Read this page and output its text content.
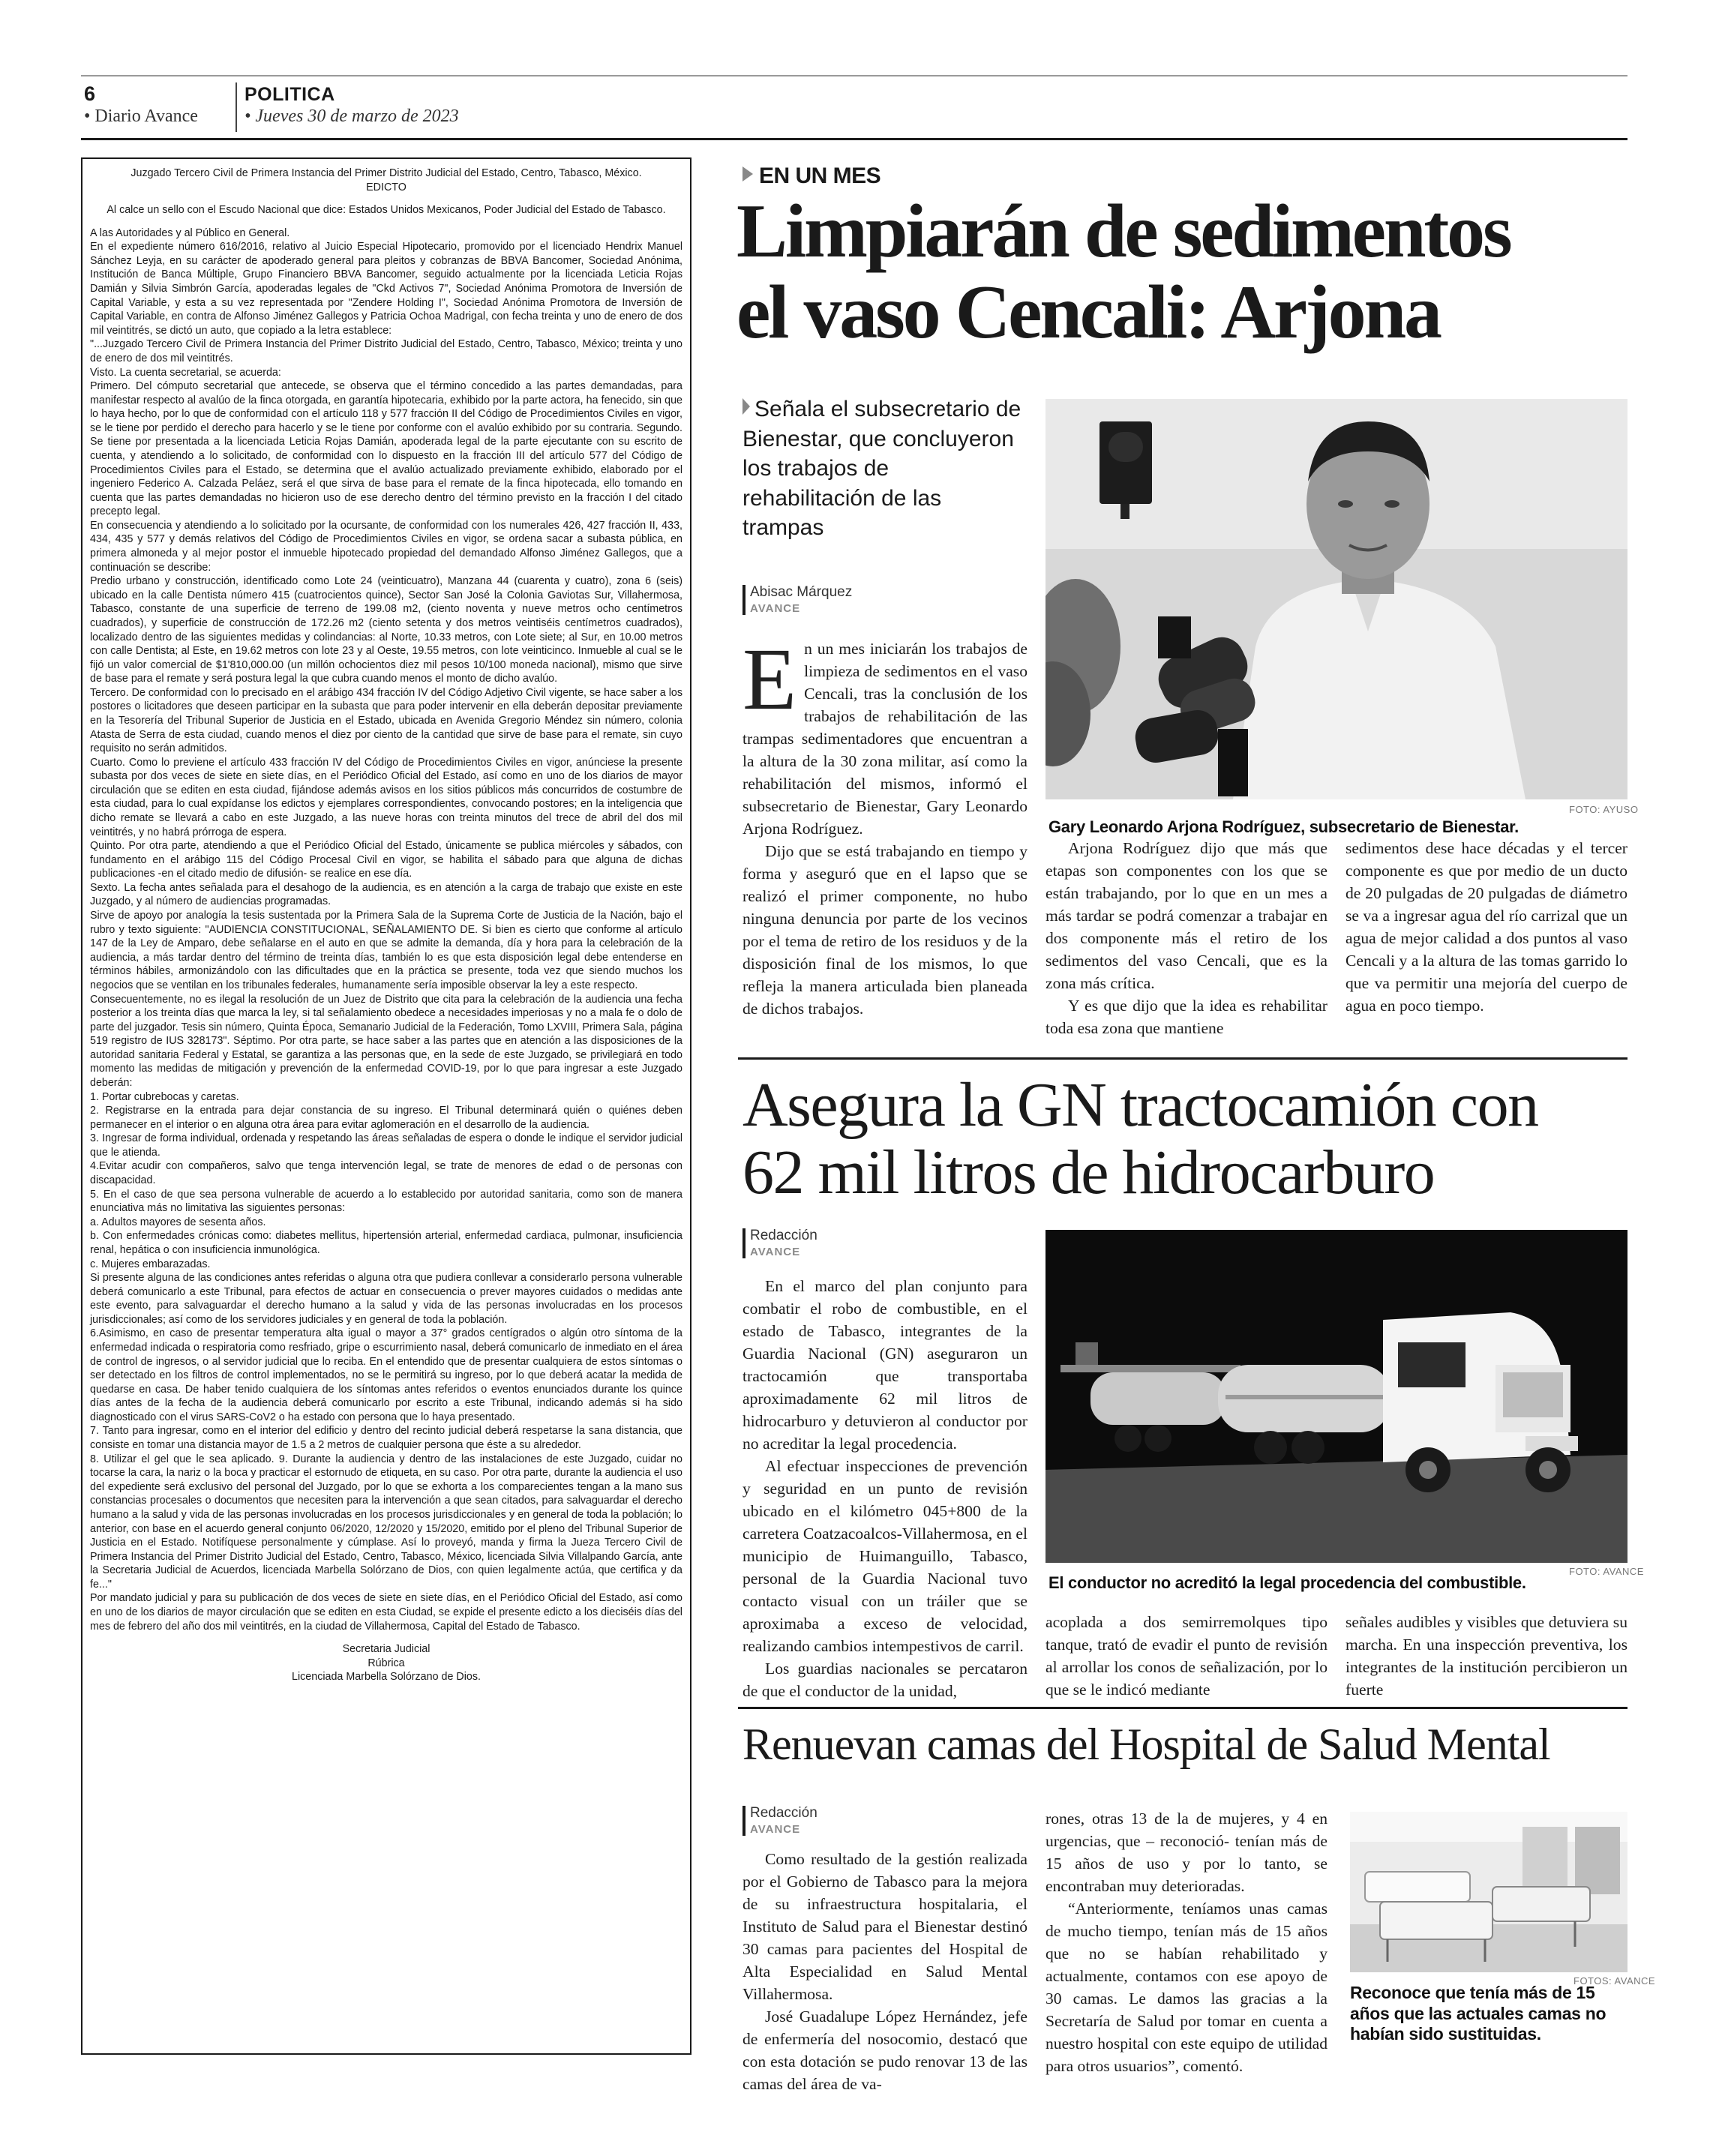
6
• Diario Avance
POLITICA
• Jueves 30 de marzo de 2023

Juzgado Tercero Civil de Primera Instancia del Primer Distrito Judicial del Estado, Centro, Tabasco, México.

EDICTO

Al calce un sello con el Escudo Nacional que dice: Estados Unidos Mexicanos, Poder Judicial del Estado de Tabasco.

A las Autoridades y al Público en General.

En el expediente número 616/2016, relativo al Juicio Especial Hipotecario, promovido por el licenciado Hendrix Manuel Sánchez Leyja, en su carácter de apoderado general para pleitos y cobranzas de BBVA Bancomer, Sociedad Anónima, Institución de Banca Múltiple, Grupo Financiero BBVA Bancomer, seguido actualmente por la licenciada Leticia Rojas Damián y Silvia Simbrón García, apoderadas legales de "Ckd Activos 7", Sociedad Anónima Promotora de Inversión de Capital Variable, y esta a su vez representada por "Zendere Holding I", Sociedad Anónima Promotora de Inversión de Capital Variable, en contra de Alfonso Jiménez Gallegos y Patricia Ochoa Madrigal, con fecha treinta y uno de enero de dos mil veintitrés, se dictó un auto, que copiado a la letra establece:

"...Juzgado Tercero Civil de Primera Instancia del Primer Distrito Judicial del Estado, Centro, Tabasco, México; treinta y uno de enero de dos mil veintitrés.

Visto. La cuenta secretarial, se acuerda:

Primero. Del cómputo secretarial que antecede, se observa que el término concedido a las partes demandadas, para manifestar respecto al avalúo de la finca otorgada, en garantía hipotecaria, exhibido por la parte actora, ha fenecido, sin que lo haya hecho, por lo que de conformidad con el artículo 118 y 577 fracción II del Código de Procedimientos Civiles en vigor, se le tiene por perdido el derecho para hacerlo y se le tiene por conforme con el avalúo exhibido por su contraria. Segundo. Se tiene por presentada a la licenciada Leticia Rojas Damián, apoderada legal de la parte ejecutante con su escrito de cuenta, y atendiendo a lo solicitado, de conformidad con lo dispuesto en la fracción III del artículo 577 del Código de Procedimientos Civiles para el Estado, se determina que el avalúo actualizado previamente exhibido, elaborado por el ingeniero Federico A. Calzada Peláez, será el que sirva de base para el remate de la finca hipotecada, ello tomando en cuenta que las partes demandadas no hicieron uso de ese derecho dentro del término previsto en la fracción I del citado precepto legal.

En consecuencia y atendiendo a lo solicitado por la ocursante, de conformidad con los numerales 426, 427 fracción II, 433, 434, 435 y 577 y demás relativos del Código de Procedimientos Civiles en vigor, se ordena sacar a subasta pública, en primera almoneda y al mejor postor el inmueble hipotecado propiedad del demandado Alfonso Jiménez Gallegos, que a continuación se describe:

Predio urbano y construcción, identificado como Lote 24 (veinticuatro), Manzana 44 (cuarenta y cuatro), zona 6 (seis) ubicado en la calle Dentista número 415 (cuatrocientos quince), Sector San José la Colonia Gaviotas Sur, Villahermosa, Tabasco, constante de una superficie de terreno de 199.08 m2, (ciento noventa y nueve metros ocho centímetros cuadrados), y superficie de construcción de 172.26 m2 (ciento setenta y dos metros veintiséis centímetros cuadrados), localizado dentro de las siguientes medidas y colindancias: al Norte, 10.33 metros, con Lote siete; al Sur, en 10.00 metros con calle Dentista; al Este, en 19.62 metros con lote 23 y al Oeste, 19.55 metros, con lote veinticinco. Inmueble al cual se le fijó un valor comercial de $1'810,000.00 (un millón ochocientos diez mil pesos 10/100 moneda nacional), mismo que sirve de base para el remate y será postura legal la que cubra cuando menos el monto de dicho avalúo.

Tercero. De conformidad con lo precisado en el arábigo 434 fracción IV del Código Adjetivo Civil vigente, se hace saber a los postores o licitadores que deseen participar en la subasta que para poder intervenir en ella deberán depositar previamente en la Tesorería del Tribunal Superior de Justicia en el Estado, ubicada en Avenida Gregorio Méndez sin número, colonia Atasta de Serra de esta ciudad, cuando menos el diez por ciento de la cantidad que sirve de base para el remate, sin cuyo requisito no serán admitidos.

Cuarto. Como lo previene el artículo 433 fracción IV del Código de Procedimientos Civiles en vigor, anúnciese la presente subasta por dos veces de siete en siete días, en el Periódico Oficial del Estado, así como en uno de los diarios de mayor circulación que se editen en esta ciudad, fijándose además avisos en los sitios públicos más concurridos de costumbre de esta ciudad, para lo cual expídanse los edictos y ejemplares correspondientes, convocando postores; en la inteligencia que dicho remate se llevará a cabo en este Juzgado, a las nueve horas con treinta minutos del trece de abril del dos mil veintitrés, y no habrá prórroga de espera.

Quinto. Por otra parte, atendiendo a que el Periódico Oficial del Estado, únicamente se publica miércoles y sábados, con fundamento en el arábigo 115 del Código Procesal Civil en vigor, se habilita el sábado para que alguna de dichas publicaciones -en el citado medio de difusión- se realice en ese día.

Sexto. La fecha antes señalada para el desahogo de la audiencia, es en atención a la carga de trabajo que existe en este Juzgado, y al número de audiencias programadas.

Sirve de apoyo por analogía la tesis sustentada por la Primera Sala de la Suprema Corte de Justicia de la Nación, bajo el rubro y texto siguiente: "AUDIENCIA CONSTITUCIONAL, SEÑALAMIENTO DE. Si bien es cierto que conforme al artículo 147 de la Ley de Amparo, debe señalarse en el auto en que se admite la demanda, día y hora para la celebración de la audiencia, a más tardar dentro del término de treinta días, también lo es que esta disposición legal debe entenderse en términos hábiles, armonizándolo con las dificultades que en la práctica se presente, toda vez que siendo muchos los negocios que se ventilan en los tribunales federales, humanamente sería imposible observar la ley a este respecto.

Consecuentemente, no es ilegal la resolución de un Juez de Distrito que cita para la celebración de la audiencia una fecha posterior a los treinta días que marca la ley, si tal señalamiento obedece a necesidades imperiosas y no a mala fe o dolo de parte del juzgador. Tesis sin número, Quinta Época, Semanario Judicial de la Federación, Tomo LXVIII, Primera Sala, página 519 registro de IUS 328173". Séptimo. Por otra parte, se hace saber a las partes que en atención a las disposiciones de la autoridad sanitaria Federal y Estatal, se garantiza a las personas que, en la sede de este Juzgado, se privilegiará en todo momento las medidas de mitigación y prevención de la enfermedad COVID-19, por lo que para ingresar a este Juzgado deberán:

1. Portar cubrebocas y caretas.

2. Registrarse en la entrada para dejar constancia de su ingreso. El Tribunal determinará quién o quiénes deben permanecer en el interior o en alguna otra área para evitar aglomeración en el desarrollo de la audiencia.

3. Ingresar de forma individual, ordenada y respetando las áreas señaladas de espera o donde le indique el servidor judicial que le atienda.

4.Evitar acudir con compañeros, salvo que tenga intervención legal, se trate de menores de edad o de personas con discapacidad.

5. En el caso de que sea persona vulnerable de acuerdo a lo establecido por autoridad sanitaria, como son de manera enunciativa más no limitativa las siguientes personas:

a. Adultos mayores de sesenta años.

b. Con enfermedades crónicas como: diabetes mellitus, hipertensión arterial, enfermedad cardiaca, pulmonar, insuficiencia renal, hepática o con insuficiencia inmunológica.

c. Mujeres embarazadas.

Si presente alguna de las condiciones antes referidas o alguna otra que pudiera conllevar a considerarlo persona vulnerable deberá comunicarlo a este Tribunal, para efectos de actuar en consecuencia o prever mayores cuidados o medidas ante este evento, para salvaguardar el derecho humano a la salud y vida de las personas involucradas en los procesos jurisdiccionales; así como de los servidores judiciales y en general de toda la población.

6.Asimismo, en caso de presentar temperatura alta igual o mayor a 37° grados centígrados o algún otro síntoma de la enfermedad indicada o respiratoria como resfriado, gripe o escurrimiento nasal, deberá comunicarlo de inmediato en el área de control de ingresos, o al servidor judicial que lo reciba. En el entendido que de presentar cualquiera de estos síntomas o ser detectado en los filtros de control implementados, no se le permitirá su ingreso, por lo que deberá acatar la medida de quedarse en casa. De haber tenido cualquiera de los síntomas antes referidos o eventos enunciados durante los quince días antes de la fecha de la audiencia deberá comunicarlo por escrito a este Tribunal, indicando además si ha sido diagnosticado con el virus SARS-CoV2 o ha estado con persona que lo haya presentado.

7. Tanto para ingresar, como en el interior del edificio y dentro del recinto judicial deberá respetarse la sana distancia, que consiste en tomar una distancia mayor de 1.5 a 2 metros de cualquier persona que éste a su alrededor.

8. Utilizar el gel que le sea aplicado. 9. Durante la audiencia y dentro de las instalaciones de este Juzgado, cuidar no tocarse la cara, la nariz o la boca y practicar el estornudo de etiqueta, en su caso. Por otra parte, durante la audiencia el uso del expediente será exclusivo del personal del Juzgado, por lo que se exhorta a los comparecientes tengan a la mano sus constancias procesales o documentos que necesiten para la intervención a que sean citados, para salvaguardar el derecho humano a la salud y vida de las personas involucradas en los procesos jurisdiccionales y en general de toda la población; lo anterior, con base en el acuerdo general conjunto 06/2020, 12/2020 y 15/2020, emitido por el pleno del Tribunal Superior de Justicia en el Estado. Notifíquese personalmente y cúmplase. Así lo proveyó, manda y firma la Jueza Tercero Civil de Primera Instancia del Primer Distrito Judicial del Estado, Centro, Tabasco, México, licenciada Silvia Villalpando García, ante la Secretaria Judicial de Acuerdos, licenciada Marbella Solórzano de Dios, con quien legalmente actúa, que certifica y da fe..."

Por mandato judicial y para su publicación de dos veces de siete en siete días, en el Periódico Oficial del Estado, así como en uno de los diarios de mayor circulación que se editen en esta Ciudad, se expide el presente edicto a los dieciséis días del mes de febrero del año dos mil veintitrés, en la ciudad de Villahermosa, Capital del Estado de Tabasco.

Secretaria Judicial

Rúbrica

Licenciada Marbella Solórzano de Dios.

EN UN MES
Limpiarán de sedimentos
el vaso Cencali: Arjona
Señala el subsecretario de Bienestar, que concluyeron los trabajos de rehabilitación de las trampas
Abisac Márquez
AVANCE
FOTO: AYUSO
Gary Leonardo Arjona Rodríguez, subsecretario de Bienestar.

En un mes iniciarán los trabajos de limpieza de sedimentos en el vaso Cencali, tras la conclusión de los trabajos de rehabilitación de las trampas sedimentadores que encuentran a la altura de la 30 zona militar, así como la rehabilitación del mismos, informó el subsecretario de Bienestar, Gary Leonardo Arjona Rodríguez.

Dijo que se está trabajando en tiempo y forma y aseguró que en el lapso que se realizó el primer componente, no hubo ninguna denuncia por parte de los vecinos por el tema de retiro de los residuos y de la disposición final de los mismos, lo que refleja la manera articulada bien planeada de dichos trabajos.

Arjona Rodríguez dijo que más que etapas son componentes con los que se están trabajando, por lo que en un mes a más tardar se podrá comenzar a trabajar en dos componente más el retiro de los sedimentos del vaso Cencali, que es la zona más crítica.

Y es que dijo que la idea es rehabilitar toda esa zona que mantiene

sedimentos dese hace décadas y el tercer componente es que por medio de un ducto de 20 pulgadas de 20 pulgadas de diámetro se va a ingresar agua del río carrizal que un agua de mejor calidad a dos puntos al vaso Cencali y a la altura de las tomas garrido lo que va permitir una mejoría del cuerpo de agua en poco tiempo.

Asegura la GN tractocamión con
62 mil litros de hidrocarburo
Redacción
AVANCE
FOTO: AVANCE
El conductor no acreditó la legal procedencia del combustible.

En el marco del plan conjunto para combatir el robo de combustible, en el estado de Tabasco, integrantes de la Guardia Nacional (GN) aseguraron un tractocamión que transportaba aproximadamente 62 mil litros de hidrocarburo y detuvieron al conductor por no acreditar la legal procedencia.

Al efectuar inspecciones de prevención y seguridad en un punto de revisión ubicado en el kilómetro 045+800 de la carretera Coatzacoalcos-Villahermosa, en el municipio de Huimanguillo, Tabasco, personal de la Guardia Nacional tuvo contacto visual con un tráiler que se aproximaba a exceso de velocidad, realizando cambios intempestivos de carril.

Los guardias nacionales se percataron de que el conductor de la unidad,

acoplada a dos semirremolques tipo tanque, trató de evadir el punto de revisión al arrollar los conos de señalización, por lo que se le indicó mediante

señales audibles y visibles que detuviera su marcha. En una inspección preventiva, los integrantes de la institución percibieron un fuerte

Renuevan camas del Hospital de Salud Mental
Redacción
AVANCE

Como resultado de la gestión realizada por el Gobierno de Tabasco para la mejora de su infraestructura hospitalaria, el Instituto de Salud para el Bienestar destinó 30 camas para pacientes del Hospital de Alta Especialidad en Salud Mental Villahermosa.

José Guadalupe López Hernández, jefe de enfermería del nosocomio, destacó que con esta dotación se pudo renovar 13 de las camas del área de va-

rones, otras 13 de la de mujeres, y 4 en urgencias, que – reconoció- tenían más de 15 años de uso y por lo tanto, se encontraban muy deterioradas.

“Anteriormente, teníamos unas camas de mucho tiempo, tenían más de 15 años que no se habían rehabilitado y actualmente, contamos con ese apoyo de 30 camas. Le damos las gracias a la Secretaría de Salud por tomar en cuenta a nuestro hospital con este equipo de utilidad para otros usuarios”, comentó.

FOTOS: AVANCE
Reconoce que tenía más de 15 años que las actuales camas no habían sido sustituidas.
